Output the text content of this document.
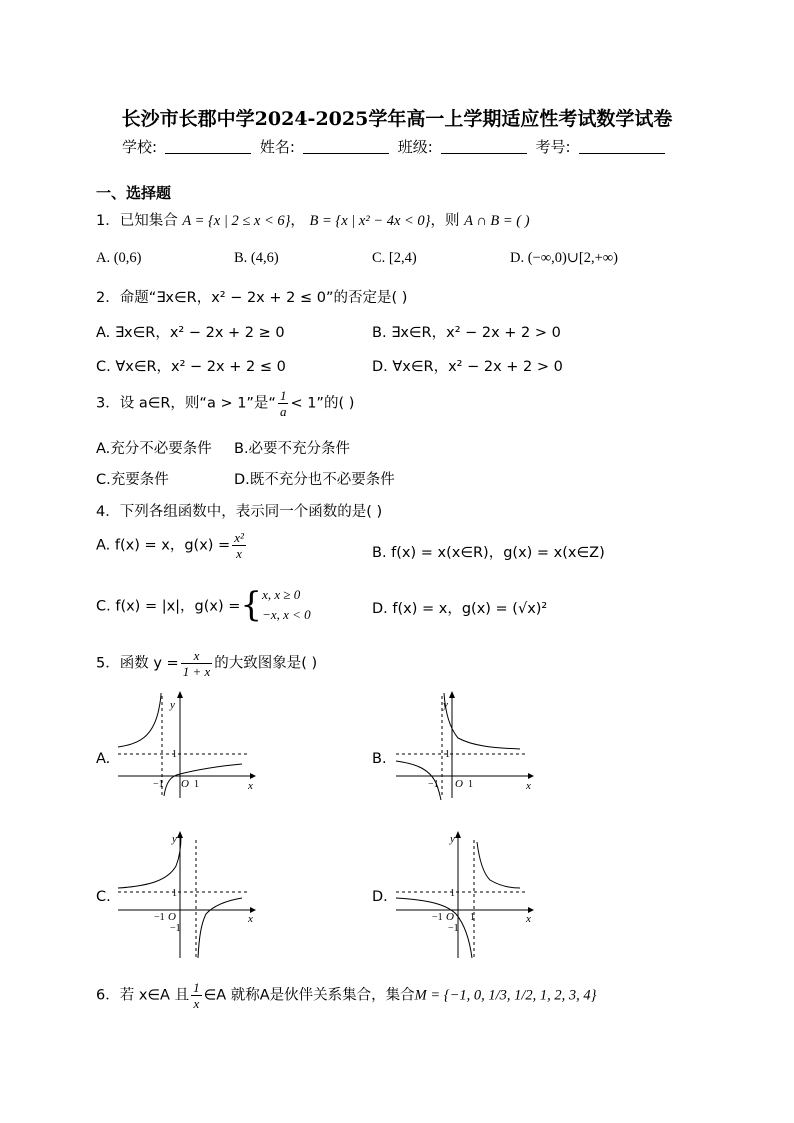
长沙市长郡中学2024-2025学年高一上学期适应性考试数学试卷
学校:	姓名:	班级:	考号:
一、选择题
1．已知集合 A = {x | 2 ≤ x < 6}， B = {x | x² − 4x < 0}，则 A ∩ B = ( )
A. (0,6)	B. (4,6)	C. [2,4)	D. (−∞,0)∪[2,+∞)
2．命题“∃x∈R，x² − 2x + 2 ≤ 0”的否定是( )
A. ∃x∈R，x² − 2x + 2 ≥ 0	B. ∃x∈R，x² − 2x + 2 > 0
C. ∀x∈R，x² − 2x + 2 ≤ 0	D. ∀x∈R，x² − 2x + 2 > 0
3．设 a∈R，则“a > 1”是“ $\frac{1}{a} < 1$”的( )
A.充分不必要条件 B.必要不充分条件
C.充要条件	D.既不充分也不必要条件
4．下列各组函数中，表示同一个函数的是( )
A. f(x) = x，$g(x) = \frac{\text{x²}}{x}$	B. f(x) = x(x∈R)，g(x) = x(x∈Z)
C. f(x) = |x|，g(x) ={ x, x ≥ 0
−x, x < 0	D. f(x) = x，g(x) = (√x)²
5．函数 $y = \frac{x}{1 + x}$ 的大致图象是( )
A.
y
x
O
1
1
−1
B.
y
x
O
1
1
−1
C.
y
x
O
1
−1
−1
D.
y
x
O
1
1
−1
−1
6．若 x∈A 且 $\frac{1}{x}$ ∈A 就称A是伙伴关系集合，集合M = {−1, 0, 1/3, 1/2, 1, 2, 3, 4}
